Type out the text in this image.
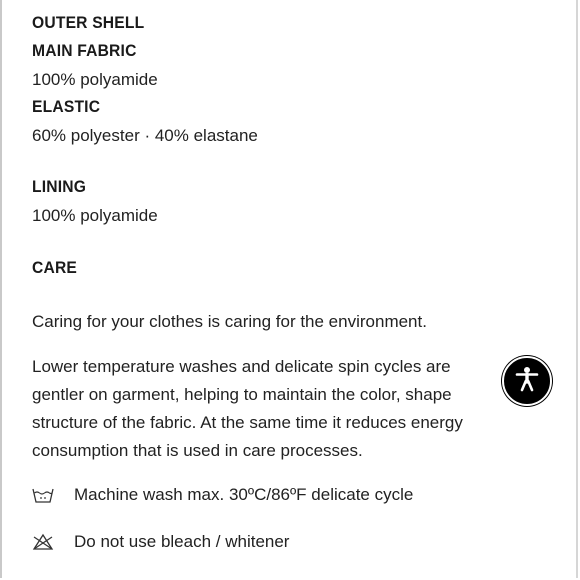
OUTER SHELL
MAIN FABRIC
100% polyamide
ELASTIC
60% polyester · 40% elastane
LINING
100% polyamide
CARE
Caring for your clothes is caring for the environment.
Lower temperature washes and delicate spin cycles are
gentler on garment, helping to maintain the color, shape
structure of the fabric. At the same time it reduces energy
consumption that is used in care processes.
Machine wash max. 30ºC/86ºF delicate cycle
Do not use bleach / whitener
